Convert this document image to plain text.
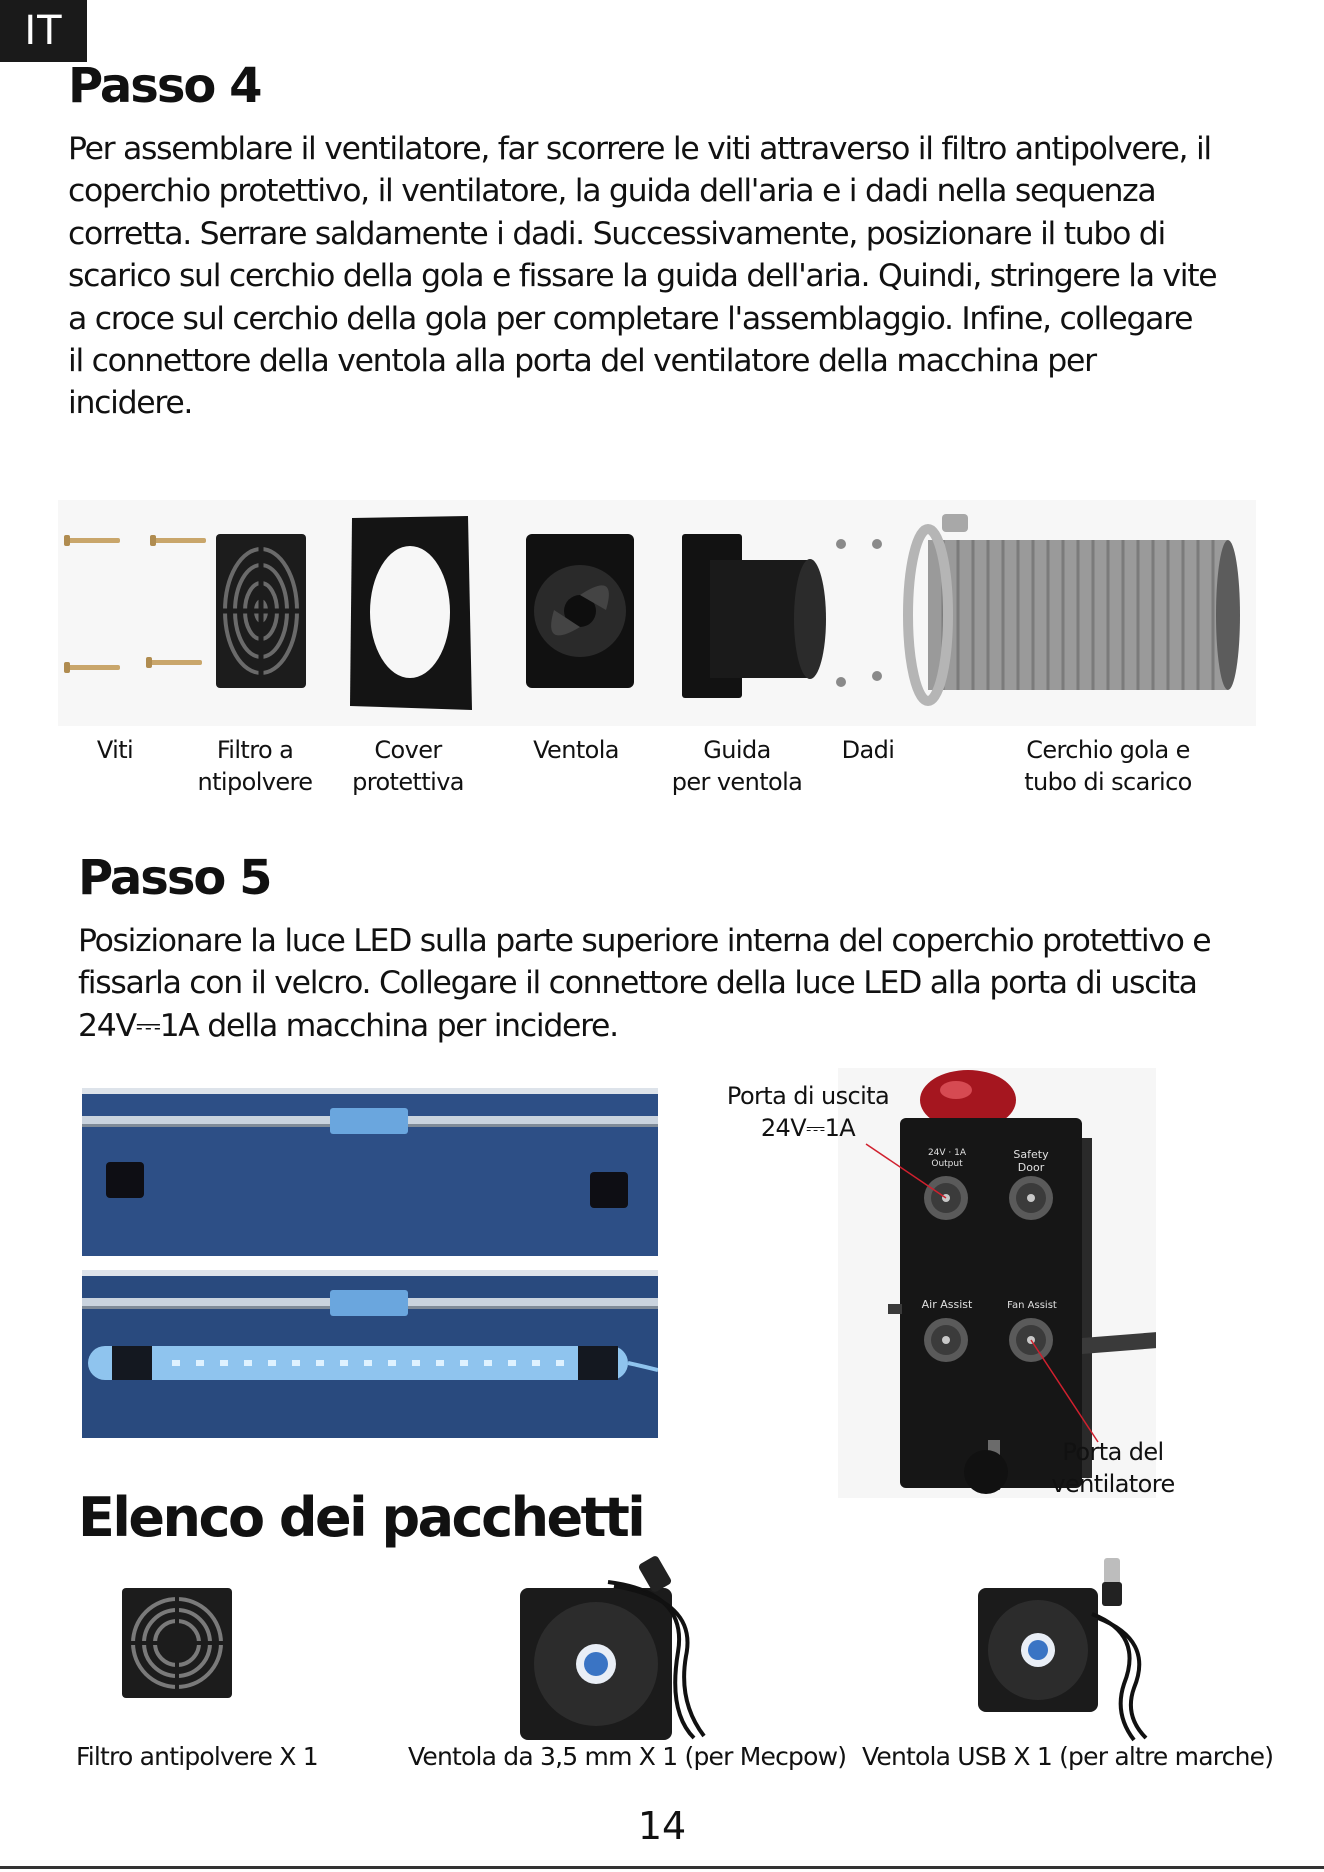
IT
Passo 4

Per assemblare il ventilatore, far scorrere le viti attraverso il filtro antipolvere, il

coperchio protettivo, il ventilatore, la guida dell'aria e i dadi nella sequenza

corretta. Serrare saldamente i dadi. Successivamente, posizionare il tubo di

scarico sul cerchio della gola e fissare la guida dell'aria. Quindi, stringere la vite

a croce sul cerchio della gola per completare l'assemblaggio. Infine, collegare

il connettore della ventola alla porta del ventilatore della macchina per

incidere.

Viti	Filtro a
ntipolvere
Cover
protettiva
Ventola	Guida
per ventola
Dadi	Cerchio gola e
tubo di scarico
Passo 5

Posizionare la luce LED sulla parte superiore interna del coperchio protettivo e

fissarla con il velcro. Collegare il connettore della luce LED alla porta di uscita

24V⎓1A della macchina per incidere.

24V · 1A Output
Safety Door
Air Assist	Fan Assist
Porta di uscita
24V⎓1A
Porta del
ventilatore
Elenco dei pacchetti
Filtro antipolvere X 1	Ventola da 3,5 mm X 1 (per Mecpow) Ventola USB X 1 (per altre marche)
14
